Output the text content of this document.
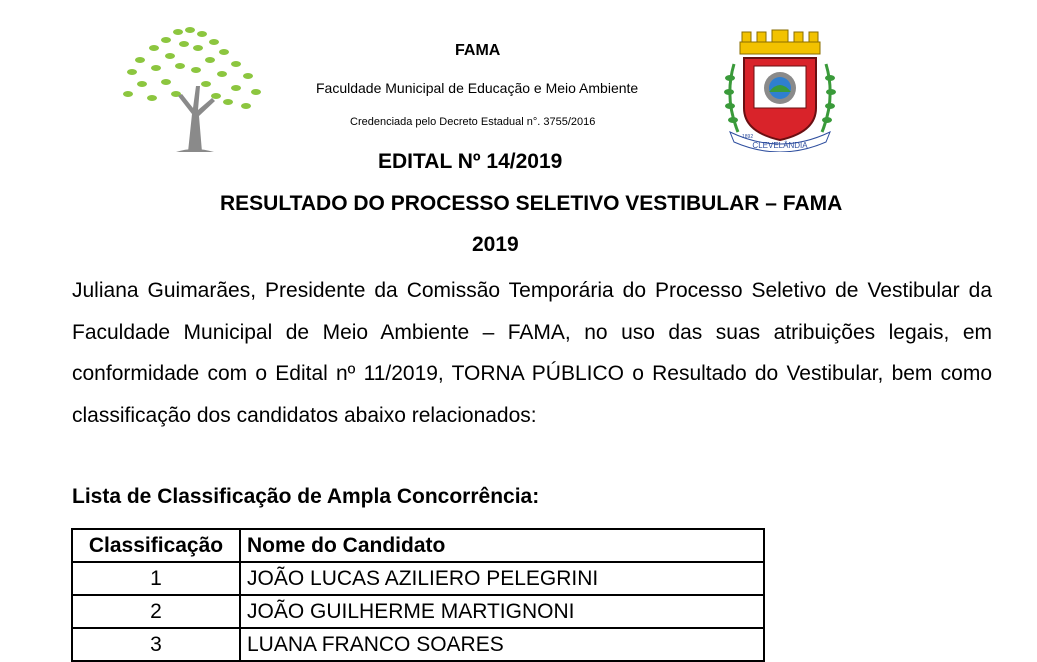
FAMA
Faculdade Municipal de Educação e Meio Ambiente
Credenciada pelo Decreto Estadual n°. 3755/2016
CLEVELÂNDIA
1892
EDITAL Nº 14/2019
RESULTADO DO PROCESSO SELETIVO VESTIBULAR – FAMA
2019
Juliana Guimarães, Presidente da Comissão Temporária do Processo Seletivo de Vestibular da Faculdade Municipal de Meio Ambiente – FAMA, no uso das suas atribuições legais, em conformidade com o Edital nº 11/2019, TORNA PÚBLICO o Resultado do Vestibular, bem como classificação dos candidatos abaixo relacionados:
Lista de Classificação de Ampla Concorrência:
Classificação	Nome do Candidato
1	JOÃO LUCAS AZILIERO PELEGRINI
2	JOÃO GUILHERME MARTIGNONI
3	LUANA FRANCO SOARES
